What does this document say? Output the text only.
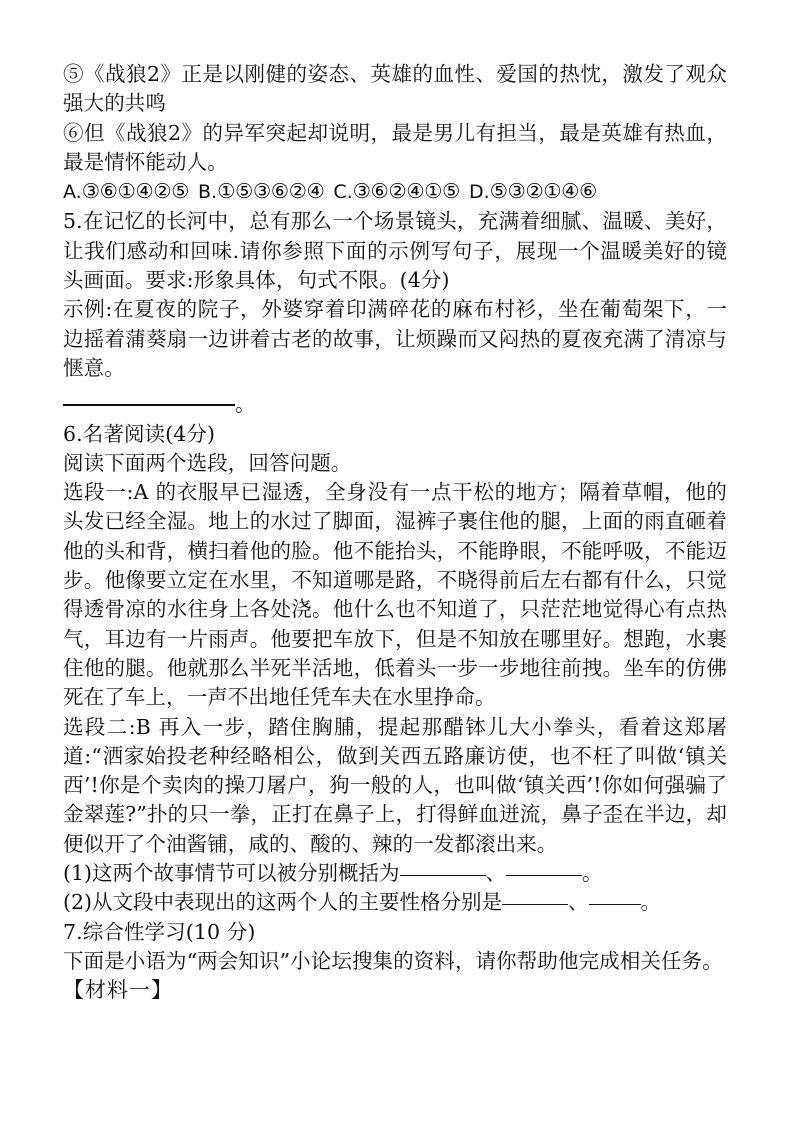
⑤《战狼2》正是以刚健的姿态、英雄的血性、爱国的热忱，激发了观众强大的共鸣

⑥但《战狼2》的异军突起却说明，最是男儿有担当，最是英雄有热血，最是情怀能动人。

A.③⑥①④②⑤ B.①⑤③⑥②④ C.③⑥②④①⑤ D.⑤③②①④⑥

5.在记忆的长河中，总有那么一个场景镜头，充满着细腻、温暖、美好，让我们感动和回味.请你参照下面的示例写句子，展现一个温暖美好的镜头画面。要求:形象具体，句式不限。(4分)

示例:在夏夜的院子，外婆穿着印满碎花的麻布村衫，坐在葡萄架下，一边摇着蒲葵扇一边讲着古老的故事，让烦躁而又闷热的夏夜充满了清凉与惬意。

。

6.名著阅读(4分)

阅读下面两个选段，回答问题。

选段一:A 的衣服早已湿透，全身没有一点干松的地方；隔着草帽，他的头发已经全湿。地上的水过了脚面，湿裤子裹住他的腿，上面的雨直砸着他的头和背，横扫着他的脸。他不能抬头，不能睁眼，不能呼吸，不能迈步。他像要立定在水里，不知道哪是路，不晓得前后左右都有什么，只觉得透骨凉的水往身上各处浇。他什么也不知道了，只茫茫地觉得心有点热气，耳边有一片雨声。他要把车放下，但是不知放在哪里好。想跑，水裹住他的腿。他就那么半死半活地，低着头一步一步地往前拽。坐车的仿佛死在了车上，一声不出地任凭车夫在水里挣命。

选段二:B 再入一步，踏住胸脯，提起那醋钵儿大小拳头，看着这郑屠道:“洒家始投老种经略相公，做到关西五路廉访使，也不枉了叫做‘镇关西’!你是个卖肉的操刀屠户，狗一般的人，也叫做‘镇关西’!你如何强骗了金翠莲?”扑的只一拳，正打在鼻子上，打得鲜血迸流，鼻子歪在半边，却便似开了个油酱铺，咸的、酸的、辣的一发都滚出来。

(1)这两个故事情节可以被分别概括为	、	。

(2)从文段中表现出的这两个人的主要性格分别是	、	。

7.综合性学习(10 分)

下面是小语为“两会知识”小论坛搜集的资料，请你帮助他完成相关任务。

【材料一】
